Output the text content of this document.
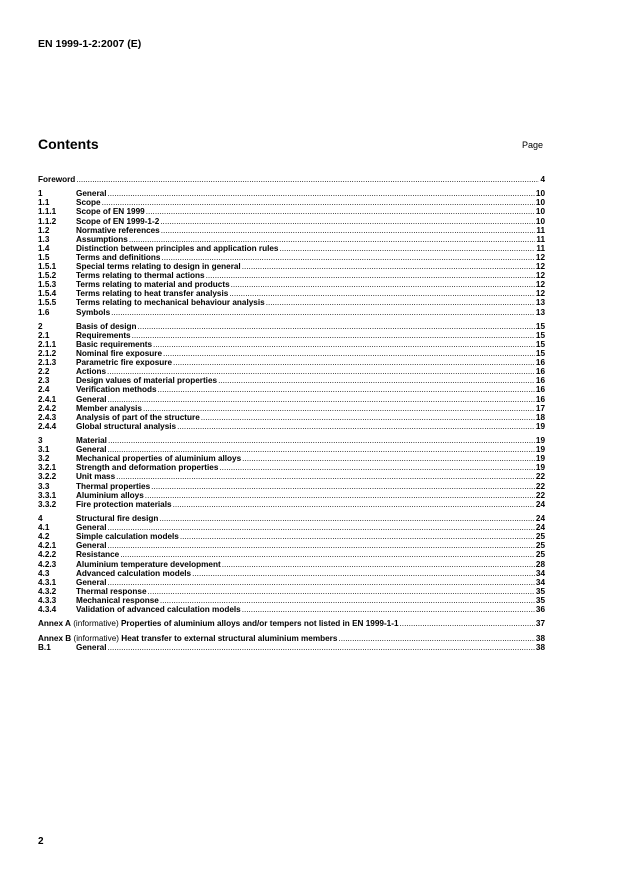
EN 1999-1-2:2007 (E)
Contents	Page
Foreword .....	4
1	General .....	10
1.1	Scope .....	10
1.1.1	Scope of EN 1999 .....	10
1.1.2	Scope of EN 1999-1-2 .....	10
1.2	Normative references .....	11
1.3	Assumptions .....	11
1.4	Distinction between principles and application rules .....	11
1.5	Terms and definitions .....	12
1.5.1	Special terms relating to design in general .....	12
1.5.2	Terms relating to thermal actions .....	12
1.5.3	Terms relating to material and products .....	12
1.5.4	Terms relating to heat transfer analysis .....	12
1.5.5	Terms relating to mechanical behaviour analysis .....	13
1.6	Symbols .....	13
2	Basis of design .....	15
2.1	Requirements .....	15
2.1.1	Basic requirements .....	15
2.1.2	Nominal fire exposure .....	15
2.1.3	Parametric fire exposure .....	16
2.2	Actions .....	16
2.3	Design values of material properties .....	16
2.4	Verification methods .....	16
2.4.1	General .....	16
2.4.2	Member analysis .....	17
2.4.3	Analysis of part of the structure .....	18
2.4.4	Global structural analysis .....	19
3	Material .....	19
3.1	General .....	19
3.2	Mechanical properties of aluminium alloys .....	19
3.2.1	Strength and deformation properties .....	19
3.2.2	Unit mass .....	22
3.3	Thermal properties .....	22
3.3.1	Aluminium alloys .....	22
3.3.2	Fire protection materials .....	24
4	Structural fire design .....	24
4.1	General .....	24
4.2	Simple calculation models .....	25
4.2.1	General .....	25
4.2.2	Resistance .....	25
4.2.3	Aluminium temperature development .....	28
4.3	Advanced calculation models .....	34
4.3.1	General .....	34
4.3.2	Thermal response .....	35
4.3.3	Mechanical response .....	35
4.3.4	Validation of advanced calculation models .....	36
Annex A (informative) Properties of aluminium alloys and/or tempers not listed in EN 1999-1-1 .....	37
Annex B (informative) Heat transfer to external structural aluminium members .....	38
B.1	General .....	38
2
